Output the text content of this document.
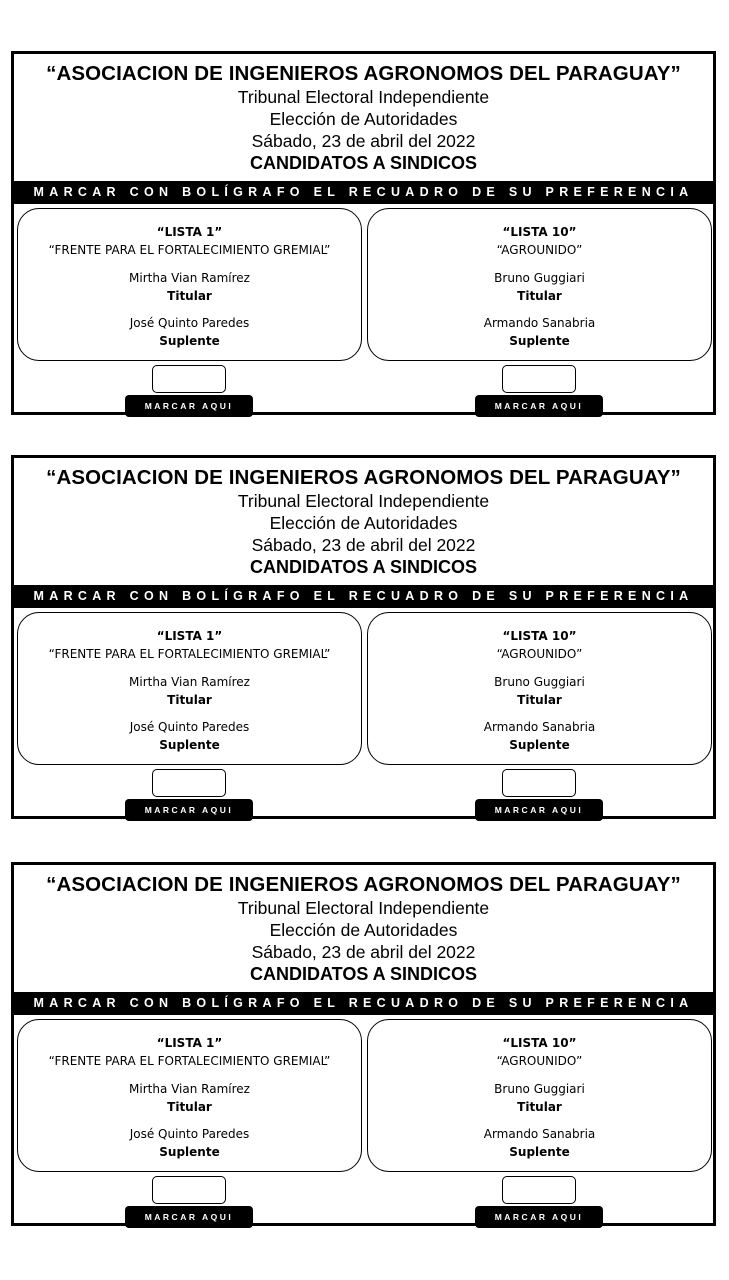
“ASOCIACION DE INGENIEROS AGRONOMOS DEL PARAGUAY”
Tribunal Electoral Independiente
Elección de Autoridades
Sábado, 23 de abril del 2022
CANDIDATOS A SINDICOS
MARCAR CON BOLÍGRAFO EL RECUADRO DE SU PREFERENCIA
“LISTA 1”
“FRENTE PARA EL FORTALECIMIENTO GREMIAL”
Mirtha Vian Ramírez
Titular
José Quinto Paredes
Suplente
“LISTA 10”
“AGROUNIDO”
Bruno Guggiari
Titular
Armando Sanabria
Suplente
MARCAR AQUI	MARCAR AQUI
“ASOCIACION DE INGENIEROS AGRONOMOS DEL PARAGUAY”
Tribunal Electoral Independiente
Elección de Autoridades
Sábado, 23 de abril del 2022
CANDIDATOS A SINDICOS
MARCAR CON BOLÍGRAFO EL RECUADRO DE SU PREFERENCIA
“LISTA 1”
“FRENTE PARA EL FORTALECIMIENTO GREMIAL”
Mirtha Vian Ramírez
Titular
José Quinto Paredes
Suplente
“LISTA 10”
“AGROUNIDO”
Bruno Guggiari
Titular
Armando Sanabria
Suplente
MARCAR AQUI	MARCAR AQUI
“ASOCIACION DE INGENIEROS AGRONOMOS DEL PARAGUAY”
Tribunal Electoral Independiente
Elección de Autoridades
Sábado, 23 de abril del 2022
CANDIDATOS A SINDICOS
MARCAR CON BOLÍGRAFO EL RECUADRO DE SU PREFERENCIA
“LISTA 1”
“FRENTE PARA EL FORTALECIMIENTO GREMIAL”
Mirtha Vian Ramírez
Titular
José Quinto Paredes
Suplente
“LISTA 10”
“AGROUNIDO”
Bruno Guggiari
Titular
Armando Sanabria
Suplente
MARCAR AQUI	MARCAR AQUI
